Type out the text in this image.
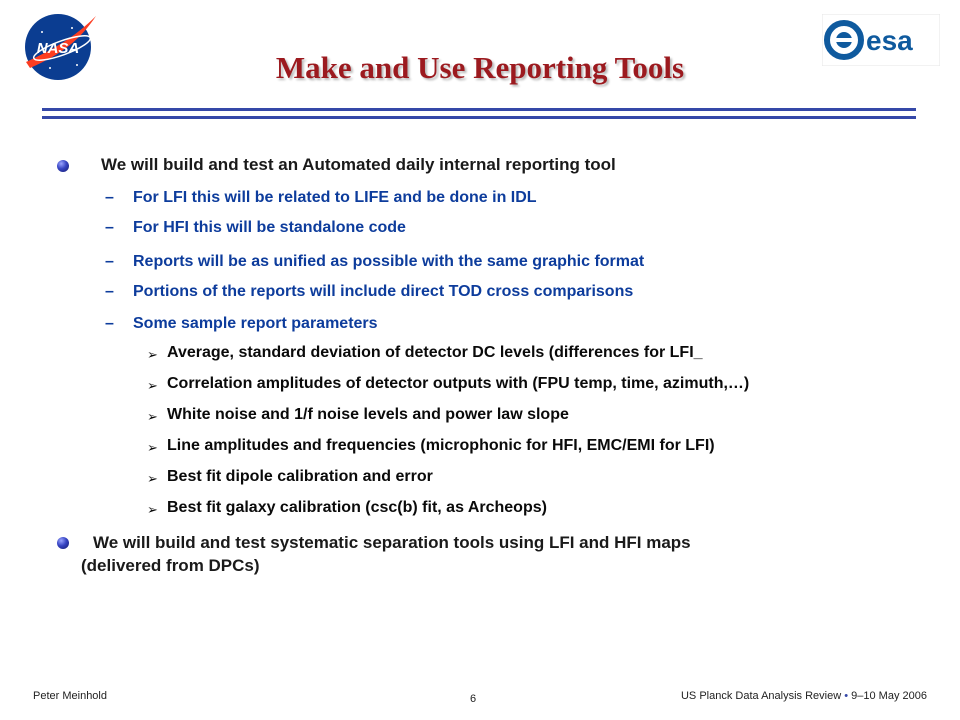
NASA	esa
Make and Use Reporting Tools
We will build and test an Automated daily internal reporting tool
– For LFI this will be related to LIFE and be done in IDL
– For HFI this will be standalone code
– Reports will be as unified as possible with the same graphic format
– Portions of the reports will include direct TOD cross comparisons
– Some sample report parameters
➢ Average, standard deviation of detector DC levels (differences for LFI_
➢ Correlation amplitudes of detector outputs with (FPU temp, time, azimuth,…)
➢ White noise and 1/f noise levels and power law slope
➢ Line amplitudes and frequencies (microphonic for HFI, EMC/EMI for LFI)
➢ Best fit dipole calibration and error
➢ Best fit galaxy calibration (csc(b) fit, as Archeops)
We will build and test systematic separation tools using LFI and HFI maps
(delivered from DPCs)
Peter Meinhold	6	US Planck Data Analysis Review • 9–10 May 2006
